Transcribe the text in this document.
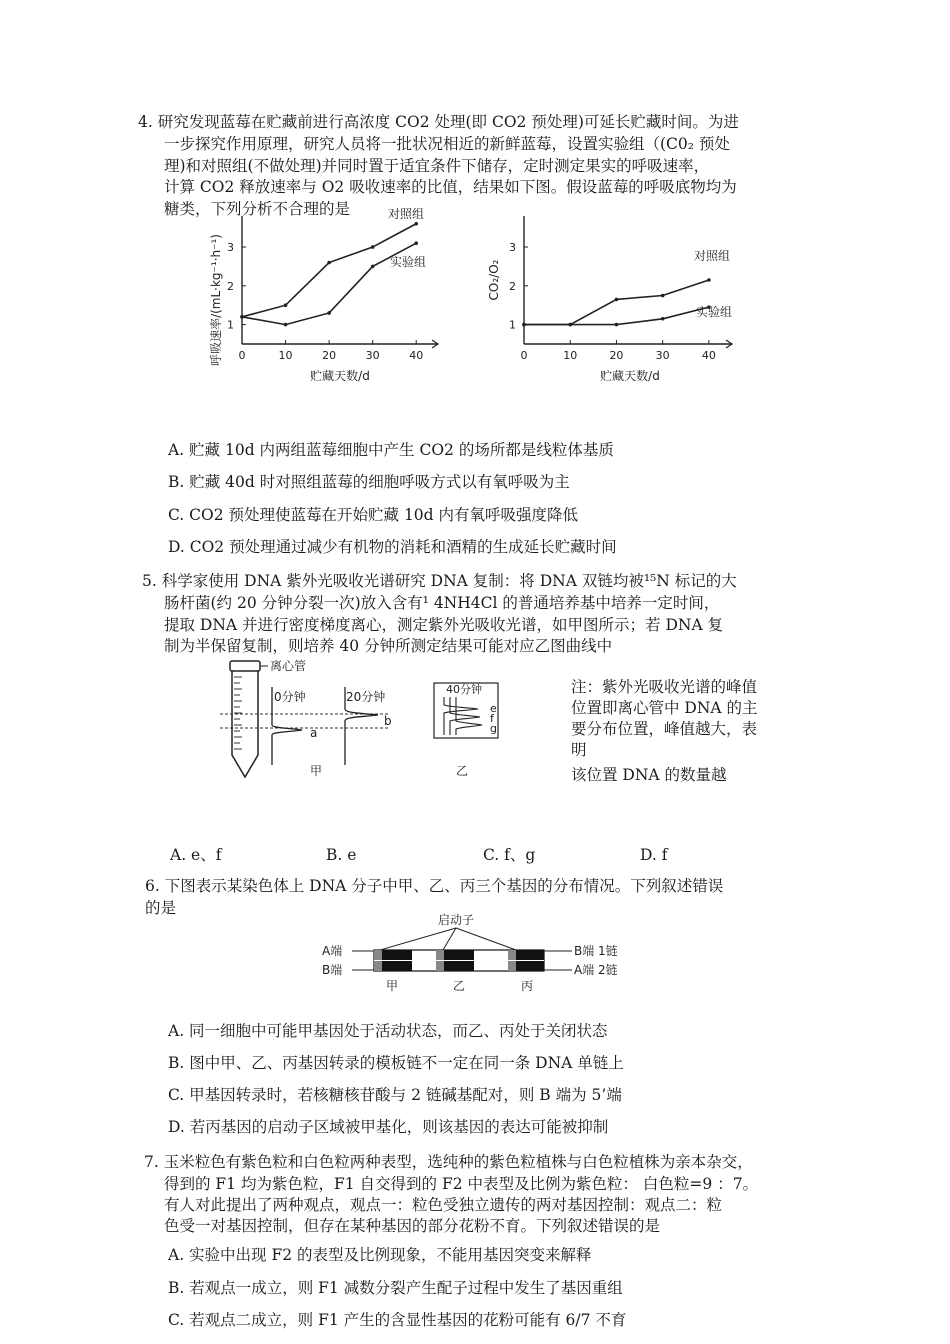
4. 研究发现蓝莓在贮藏前进行高浓度 CO2 处理(即 CO2 预处理)可延长贮藏时间。为进
一步探究作用原理，研究人员将一批状况相近的新鲜蓝莓，设置实验组（(C0₂ 预处
理)和对照组(不做处理)并同时置于适宜条件下储存，定时测定果实的呼吸速率，
计算 CO2 释放速率与 O2 吸收速率的比值，结果如下图。假设蓝莓的呼吸底物均为
糖类，下列分析不合理的是
0	10	20	30	40
1
2
3
呼吸速率/(mL·kg⁻¹·h⁻¹)
贮藏天数/d
对照组
实验组
0	10	20	30	40
1
2
3
CO₂/O₂
贮藏天数/d
对照组
实验组
A. 贮藏 10d 内两组蓝莓细胞中产生 CO2 的场所都是线粒体基质
B. 贮藏 40d 时对照组蓝莓的细胞呼吸方式以有氧呼吸为主
C. CO2 预处理使蓝莓在开始贮藏 10d 内有氧呼吸强度降低
D. CO2 预处理通过减少有机物的消耗和酒精的生成延长贮藏时间
5. 科学家使用 DNA 紫外光吸收光谱研究 DNA 复制：将 DNA 双链均被¹⁵N 标记的大
肠杆菌(约 20 分钟分裂一次)放入含有¹ 4NH4Cl 的普通培养基中培养一定时间，
提取 DNA 并进行密度梯度离心，测定紫外光吸收光谱，如甲图所示；若 DNA 复
制为半保留复制，则培养 40 分钟所测定结果可能对应乙图曲线中
离心管
0分钟
a
20分钟
b
甲
40分钟
e
f
g
乙
注：紫外光吸收光谱的峰值
位置即离心管中 DNA 的主
要分布位置，峰值越大，表
明
该位置 DNA 的数量越
A. e、f	B. e	C. f、g	D. f
6. 下图表示某染色体上 DNA 分子中甲、乙、丙三个基因的分布情况。下列叙述错误
的是
启动子
A端
B端
B端 1链
A端 2链
甲	乙	丙
A. 同一细胞中可能甲基因处于活动状态，而乙、丙处于关闭状态
B. 图中甲、乙、丙基因转录的模板链不一定在同一条 DNA 单链上
C. 甲基因转录时，若核糖核苷酸与 2 链碱基配对，则 B 端为 5’端
D. 若丙基因的启动子区域被甲基化，则该基因的表达可能被抑制
7. 玉米粒色有紫色粒和白色粒两种表型，选纯种的紫色粒植株与白色粒植株为亲本杂交，
得到的 F1 均为紫色粒，F1 自交得到的 F2 中表型及比例为紫色粒： 白色粒=9 ：7。
有人对此提出了两种观点，观点一：粒色受独立遗传的两对基因控制：观点二：粒
色受一对基因控制，但存在某种基因的部分花粉不育。下列叙述错误的是
A. 实验中出现 F2 的表型及比例现象，不能用基因突变来解释
B. 若观点一成立，则 F1 减数分裂产生配子过程中发生了基因重组
C. 若观点二成立，则 F1 产生的含显性基因的花粉可能有 6/7 不育
